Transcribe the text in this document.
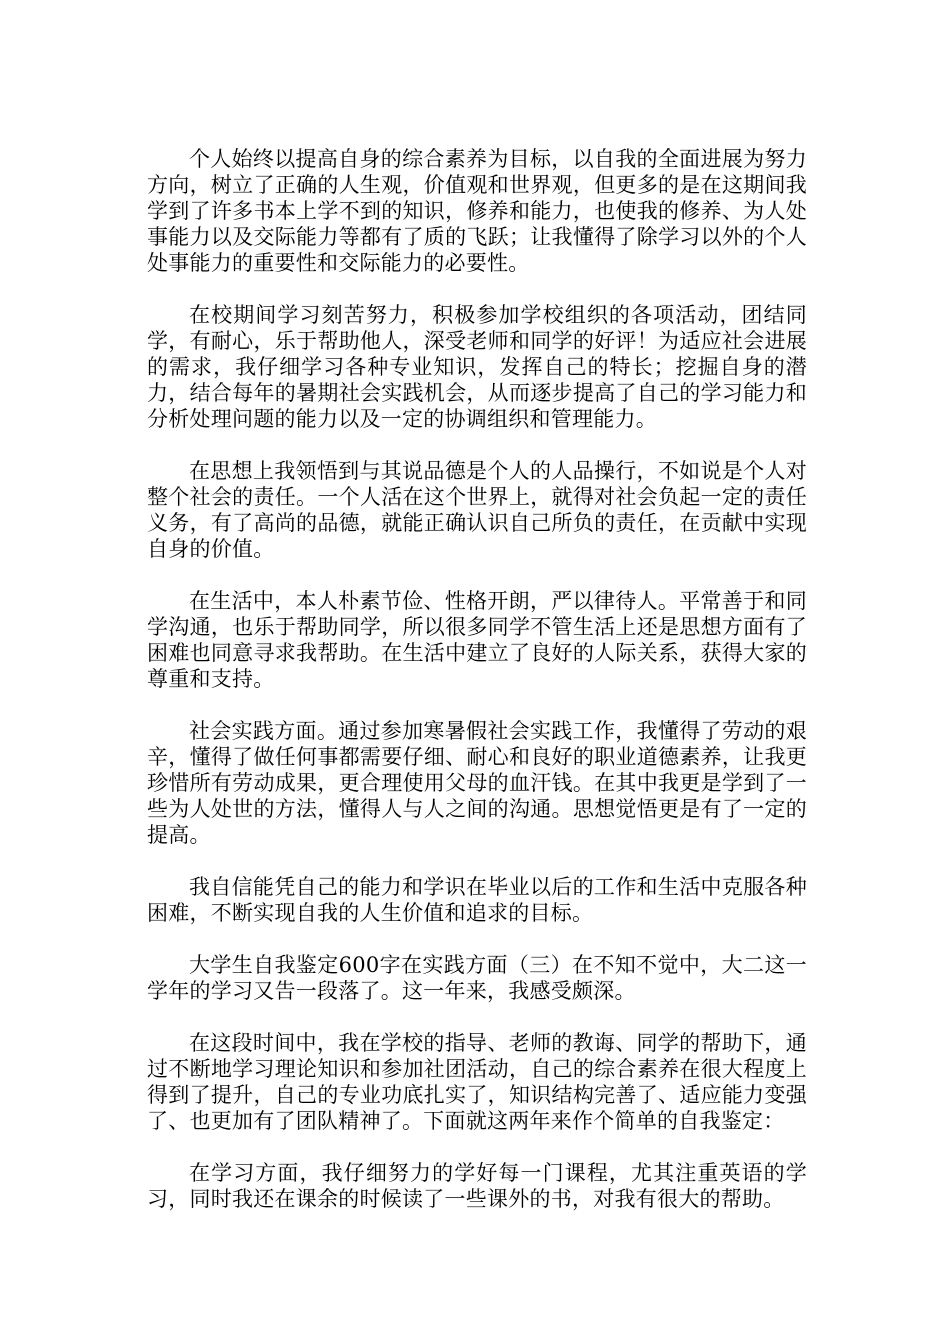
个人始终以提高自身的综合素养为目标，以自我的全面进展为努力方向，树立了正确的人生观，价值观和世界观，但更多的是在这期间我学到了许多书本上学不到的知识，修养和能力，也使我的修养、为人处事能力以及交际能力等都有了质的飞跃；让我懂得了除学习以外的个人处事能力的重要性和交际能力的必要性。

在校期间学习刻苦努力，积极参加学校组织的各项活动，团结同学，有耐心，乐于帮助他人，深受老师和同学的好评！为适应社会进展的需求，我仔细学习各种专业知识，发挥自己的特长；挖掘自身的潜力，结合每年的暑期社会实践机会，从而逐步提高了自己的学习能力和分析处理问题的能力以及一定的协调组织和管理能力。

在思想上我领悟到与其说品德是个人的人品操行，不如说是个人对整个社会的责任。一个人活在这个世界上，就得对社会负起一定的责任义务，有了高尚的品德，就能正确认识自己所负的责任，在贡献中实现自身的价值。

在生活中，本人朴素节俭、性格开朗，严以律待人。平常善于和同学沟通，也乐于帮助同学，所以很多同学不管生活上还是思想方面有了困难也同意寻求我帮助。在生活中建立了良好的人际关系，获得大家的尊重和支持。

社会实践方面。通过参加寒暑假社会实践工作，我懂得了劳动的艰辛，懂得了做任何事都需要仔细、耐心和良好的职业道德素养，让我更珍惜所有劳动成果，更合理使用父母的血汗钱。在其中我更是学到了一些为人处世的方法，懂得人与人之间的沟通。思想觉悟更是有了一定的提高。

我自信能凭自己的能力和学识在毕业以后的工作和生活中克服各种困难，不断实现自我的人生价值和追求的目标。

大学生自我鉴定600字在实践方面（三）在不知不觉中，大二这一学年的学习又告一段落了。这一年来，我感受颇深。

在这段时间中，我在学校的指导、老师的教诲、同学的帮助下，通过不断地学习理论知识和参加社团活动，自己的综合素养在很大程度上得到了提升，自己的专业功底扎实了，知识结构完善了、适应能力变强了、也更加有了团队精神了。下面就这两年来作个简单的自我鉴定：

在学习方面，我仔细努力的学好每一门课程，尤其注重英语的学习，同时我还在课余的时候读了一些课外的书，对我有很大的帮助。
